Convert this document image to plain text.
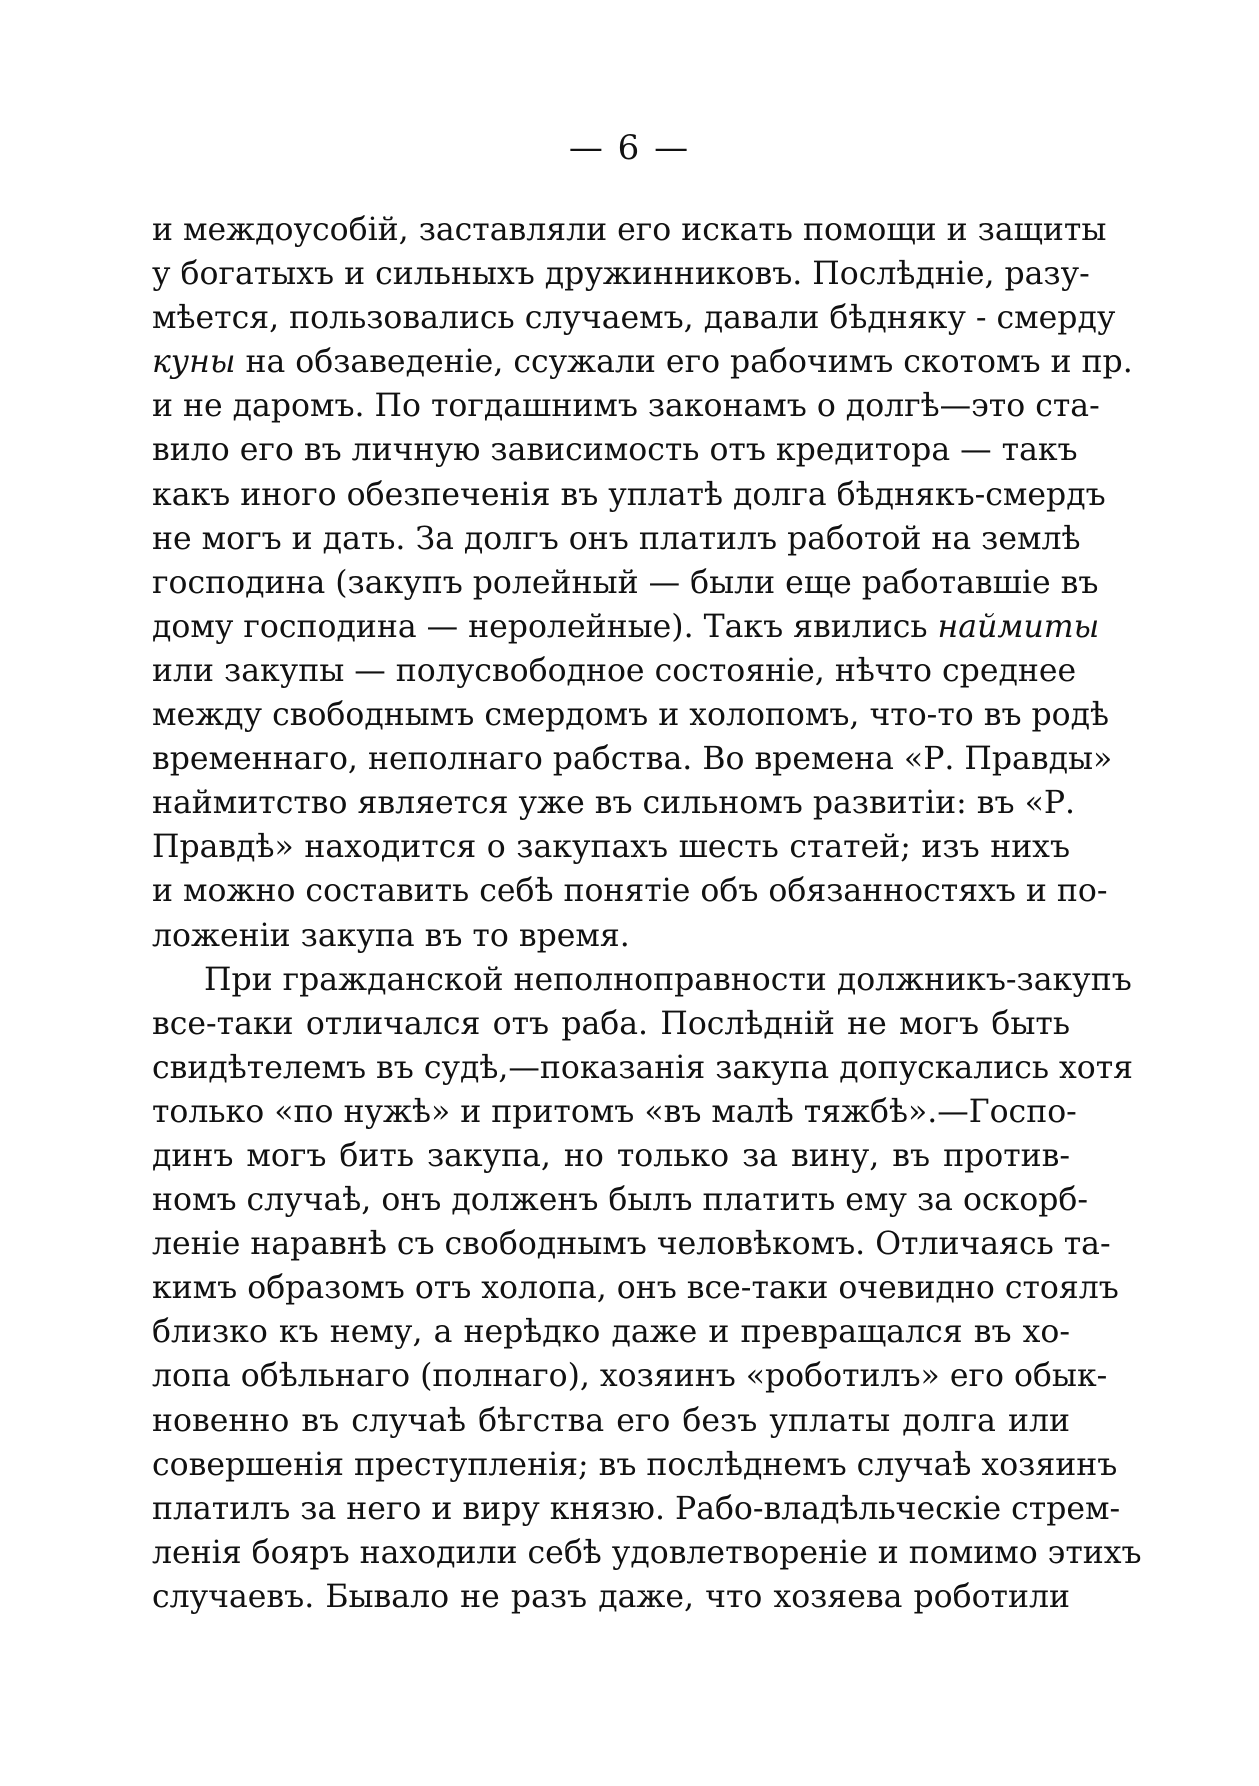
— 6 —
и междоусобій, заставляли его искать помощи и защиты
у богатыхъ и сильныхъ дружинниковъ. Послѣдніе, разу-
мѣется, пользовались случаемъ, давали бѣдняку - смерду
куны на обзаведеніе, ссужали его рабочимъ скотомъ и пр.
и не даромъ. По тогдашнимъ законамъ о долгѣ—это ста-
вило его въ личную зависимость отъ кредитора — такъ
какъ иного обезпеченія въ уплатѣ долга бѣднякъ-смердъ
не могъ и дать. За долгъ онъ платилъ работой на землѣ
господина (закупъ ролейный — были еще работавшіе въ
дому господина — неролейные). Такъ явились наймиты
или закупы — полусвободное состояніе, нѣчто среднее
между свободнымъ смердомъ и холопомъ, что-то въ родѣ
временнаго, неполнаго рабства. Во времена «Р. Правды»
наймитство является уже въ сильномъ развитіи: въ «Р.
Правдѣ» находится о закупахъ шесть статей; изъ нихъ
и можно составить себѣ понятіе объ обязанностяхъ и по-
ложеніи закупа въ то время.
При гражданской неполноправности должникъ-закупъ
все-таки отличался отъ раба. Послѣдній не могъ быть
свидѣтелемъ въ судѣ,—показанія закупа допускались хотя
только «по нужѣ» и притомъ «въ малѣ тяжбѣ».—Госпо-
динъ могъ бить закупа, но только за вину, въ против-
номъ случаѣ, онъ долженъ былъ платить ему за оскорб-
леніе наравнѣ съ свободнымъ человѣкомъ. Отличаясь та-
кимъ образомъ отъ холопа, онъ все-таки очевидно стоялъ
близко къ нему, а нерѣдко даже и превращался въ хо-
лопа обѣльнаго (полнаго), хозяинъ «роботилъ» его обык-
новенно въ случаѣ бѣгства его безъ уплаты долга или
совершенія преступленія; въ послѣднемъ случаѣ хозяинъ
платилъ за него и виру князю. Рабо-владѣльческіе стрем-
ленія бояръ находили себѣ удовлетвореніе и помимо этихъ
случаевъ. Бывало не разъ даже, что хозяева роботили
